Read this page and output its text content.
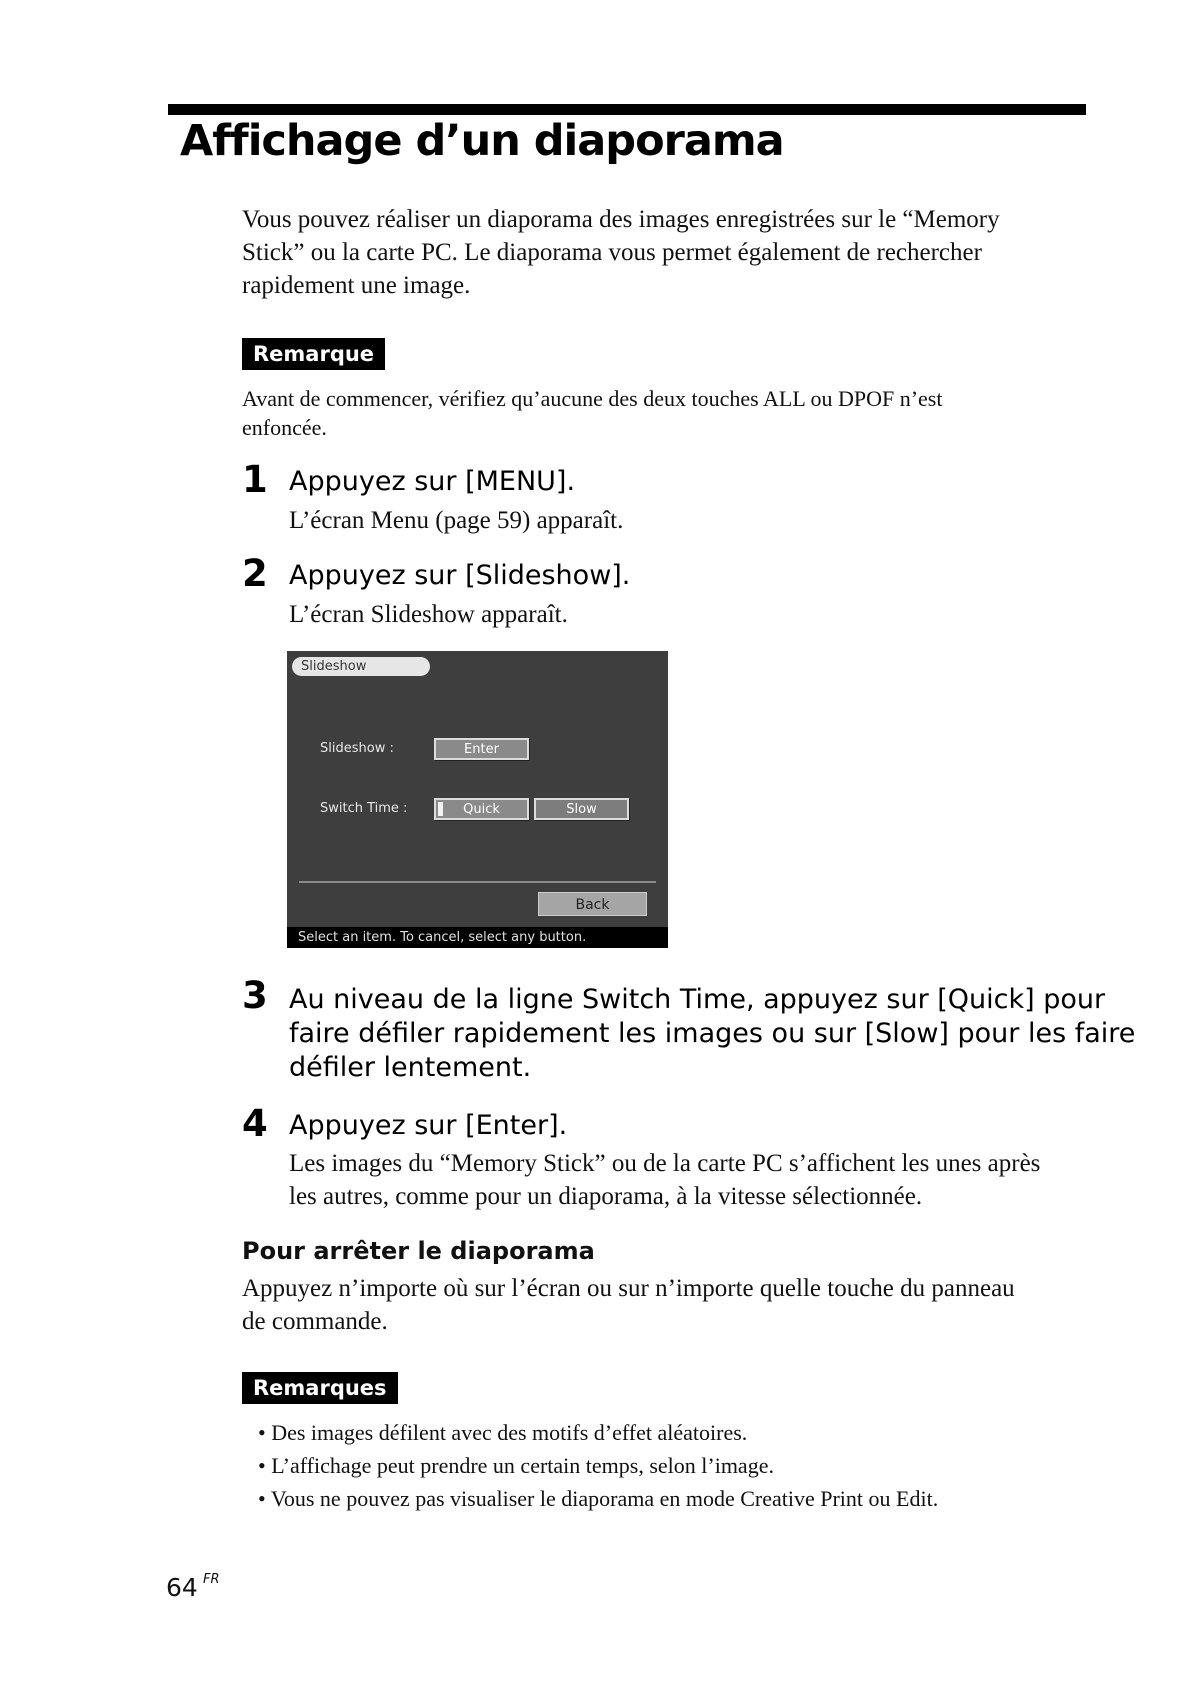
Affichage d’un diaporama
Vous pouvez réaliser un diaporama des images enregistrées sur le “Memory
Stick” ou la carte PC. Le diaporama vous permet également de rechercher
rapidement une image.
Remarque
Avant de commencer, vérifiez qu’aucune des deux touches ALL ou DPOF n’est
enfoncée.
1 Appuyez sur [MENU].
L’écran Menu (page 59) apparaît.
2 Appuyez sur [Slideshow].
L’écran Slideshow apparaît.
Slideshow
Slideshow :	Enter
Switch Time :	Quick	Slow
Back
Select an item. To cancel, select any button.
3 Au niveau de la ligne Switch Time, appuyez sur [Quick] pour
faire défiler rapidement les images ou sur [Slow] pour les faire
défiler lentement.
4 Appuyez sur [Enter].
Les images du “Memory Stick” ou de la carte PC s’affichent les unes après
les autres, comme pour un diaporama, à la vitesse sélectionnée.
Pour arrêter le diaporama
Appuyez n’importe où sur l’écran ou sur n’importe quelle touche du panneau
de commande.
Remarques
• Des images défilent avec des motifs d’effet aléatoires.
• L’affichage peut prendre un certain temps, selon l’image.
• Vous ne pouvez pas visualiser le diaporama en mode Creative Print ou Edit.
64 FR
